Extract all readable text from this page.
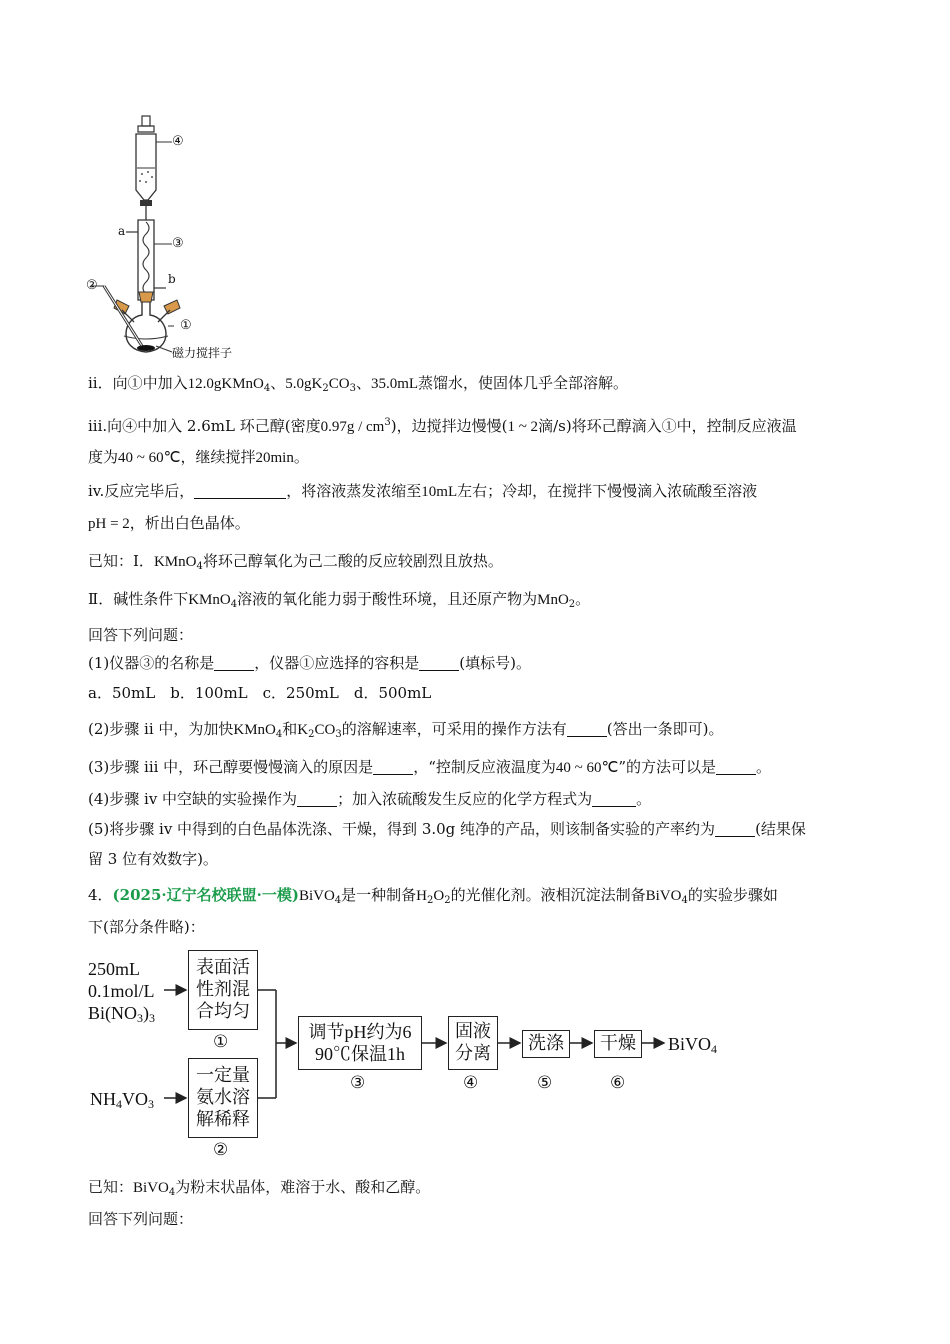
④
③
a
b
②
①
磁力搅拌子
ii．向①中加入12.0gKMnO$_4$、$5.0gK_2CO_3$、35.0mL蒸馏水，使固体几乎全部溶解。
iii.向④中加入 2.6mL 环己醇(密度$0.97g / cm^3$)，边搅拌边慢慢(1 ~ 2滴/s)将环己醇滴入①中，控制反应液温
度为40 ~ 60℃，继续搅拌20min。
iv.反应完毕后，	，将溶液蒸发浓缩至10mL左右；冷却，在搅拌下慢慢滴入浓硫酸至溶液
pH = 2，析出白色晶体。
已知：Ⅰ．KMnO$_4$将环己醇氧化为己二酸的反应较剧烈且放热。
Ⅱ．碱性条件下KMnO$_4$溶液的氧化能力弱于酸性环境，且还原产物为MnO$_2$。
回答下列问题：
(1)仪器③的名称是	，仪器①应选择的容积是	(填标号)。
a．50mL　b．100mL　c．250mL　d．500mL
(2)步骤 ii 中，为加快KMnO$_4$和$K_2CO_3$的溶解速率，可采用的操作方法有	(答出一条即可)。
(3)步骤 iii 中，环己醇要慢慢滴入的原因是	，“控制反应液温度为40 ~ 60℃”的方法可以是	。
(4)步骤 iv 中空缺的实验操作为	；加入浓硫酸发生反应的化学方程式为	。
(5)将步骤 iv 中得到的白色晶体洗涤、干燥，得到 3.0g 纯净的产品，则该制备实验的产率约为	(结果保
留 3 位有效数字)。
4．(2025·辽宁名校联盟·一模)BiVO$_4$是一种制备$H_2O_2$的光催化剂。液相沉淀法制备BiVO$_4$的实验步骤如
下(部分条件略)：
250mL
0.1mol/L
$Bi(NO_3)_3$
$NH_4VO_3$
表面活
性剂混
合均匀
一定量
氨水溶
解稀释
调节pH约为6
90℃保温1h
固液
分离	洗涤 干燥 BiVO$_4$
①
②
③	④	⑤	⑥
已知：BiVO$_4$为粉末状晶体，难溶于水、酸和乙醇。
回答下列问题：
